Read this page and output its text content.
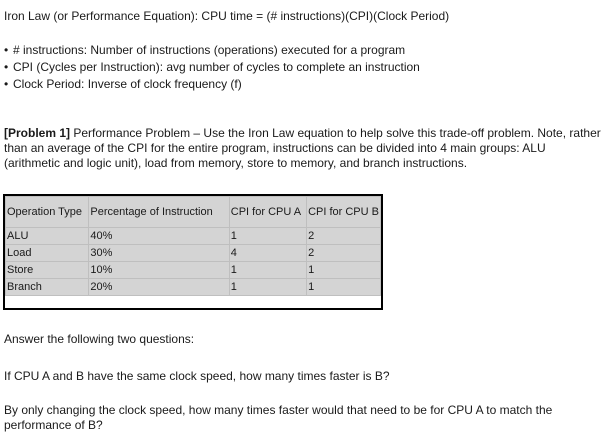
Iron Law (or Performance Equation): CPU time = (# instructions)(CPI)(Clock Period)
• # instructions: Number of instructions (operations) executed for a program
• CPI (Cycles per Instruction): avg number of cycles to complete an instruction
• Clock Period: Inverse of clock frequency (f)
[Problem 1] Performance Problem – Use the Iron Law equation to help solve this trade-off problem. Note, rather than an average of the CPI for the entire program, instructions can be divided into 4 main groups: ALU (arithmetic and logic unit), load from memory, store to memory, and branch instructions.
Operation Type	Percentage of Instruction	CPI for CPU A	CPI for CPU B
ALU	40%	1	2
Load	30%	4	2
Store	10%	1	1
Branch	20%	1	1
Answer the following two questions:
If CPU A and B have the same clock speed, how many times faster is B?
By only changing the clock speed, how many times faster would that need to be for CPU A to match the performance of B?
